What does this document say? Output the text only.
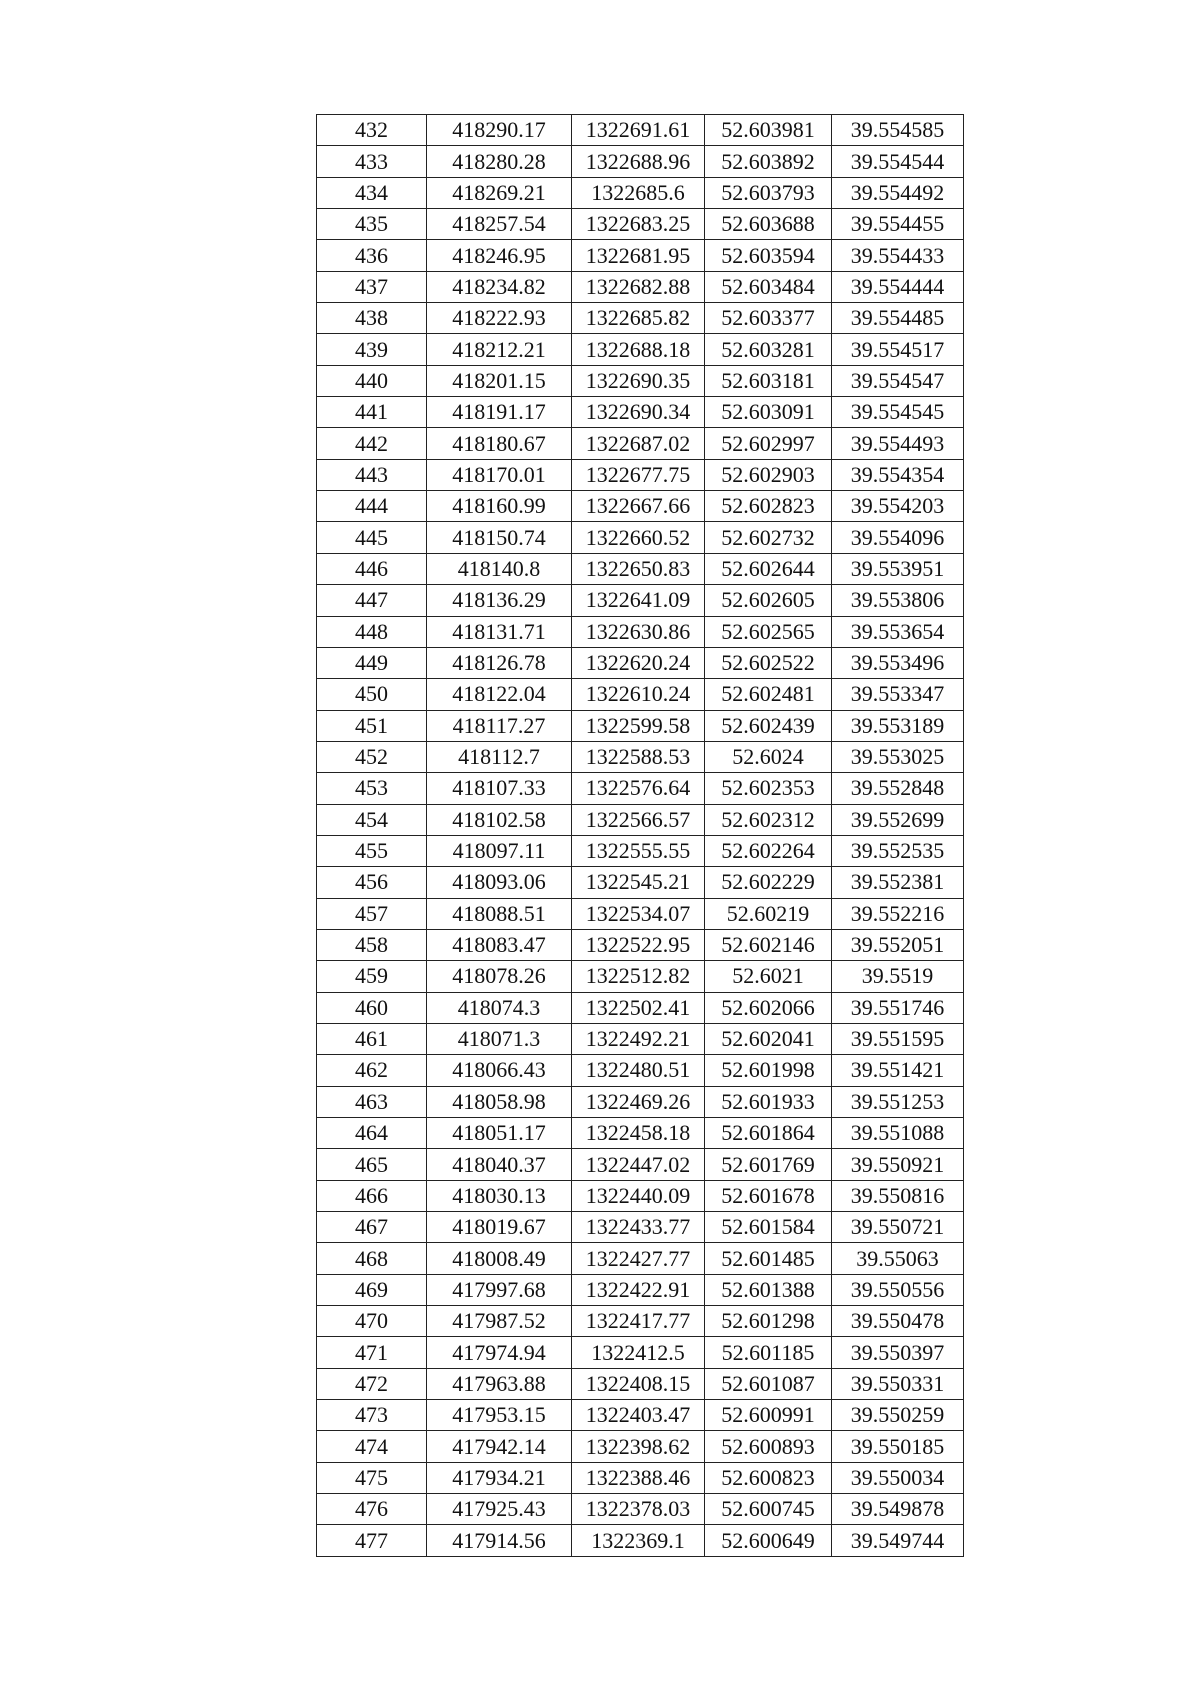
432	418290.17	1322691.61	52.603981	39.554585
433	418280.28	1322688.96	52.603892	39.554544
434	418269.21	1322685.6	52.603793	39.554492
435	418257.54	1322683.25	52.603688	39.554455
436	418246.95	1322681.95	52.603594	39.554433
437	418234.82	1322682.88	52.603484	39.554444
438	418222.93	1322685.82	52.603377	39.554485
439	418212.21	1322688.18	52.603281	39.554517
440	418201.15	1322690.35	52.603181	39.554547
441	418191.17	1322690.34	52.603091	39.554545
442	418180.67	1322687.02	52.602997	39.554493
443	418170.01	1322677.75	52.602903	39.554354
444	418160.99	1322667.66	52.602823	39.554203
445	418150.74	1322660.52	52.602732	39.554096
446	418140.8	1322650.83	52.602644	39.553951
447	418136.29	1322641.09	52.602605	39.553806
448	418131.71	1322630.86	52.602565	39.553654
449	418126.78	1322620.24	52.602522	39.553496
450	418122.04	1322610.24	52.602481	39.553347
451	418117.27	1322599.58	52.602439	39.553189
452	418112.7	1322588.53	52.6024	39.553025
453	418107.33	1322576.64	52.602353	39.552848
454	418102.58	1322566.57	52.602312	39.552699
455	418097.11	1322555.55	52.602264	39.552535
456	418093.06	1322545.21	52.602229	39.552381
457	418088.51	1322534.07	52.60219	39.552216
458	418083.47	1322522.95	52.602146	39.552051
459	418078.26	1322512.82	52.6021	39.5519
460	418074.3	1322502.41	52.602066	39.551746
461	418071.3	1322492.21	52.602041	39.551595
462	418066.43	1322480.51	52.601998	39.551421
463	418058.98	1322469.26	52.601933	39.551253
464	418051.17	1322458.18	52.601864	39.551088
465	418040.37	1322447.02	52.601769	39.550921
466	418030.13	1322440.09	52.601678	39.550816
467	418019.67	1322433.77	52.601584	39.550721
468	418008.49	1322427.77	52.601485	39.55063
469	417997.68	1322422.91	52.601388	39.550556
470	417987.52	1322417.77	52.601298	39.550478
471	417974.94	1322412.5	52.601185	39.550397
472	417963.88	1322408.15	52.601087	39.550331
473	417953.15	1322403.47	52.600991	39.550259
474	417942.14	1322398.62	52.600893	39.550185
475	417934.21	1322388.46	52.600823	39.550034
476	417925.43	1322378.03	52.600745	39.549878
477	417914.56	1322369.1	52.600649	39.549744
